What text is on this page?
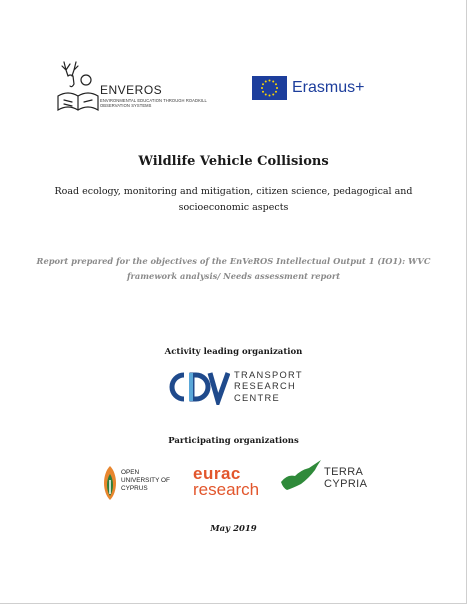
ENVEROS
ENVIRONMENTAL EDUCATION THROUGH ROADKILL OBSERVATION SYSTEMS
Erasmus+
Wildlife Vehicle Collisions
Road ecology, monitoring and mitigation, citizen science, pedagogical and socioeconomic aspects
Report prepared for the objectives of the EnVeROS Intellectual Output 1 (IO1): WVC framework analysis/ Needs assessment report
Activity leading organization
TRANSPORT
RESEARCH
CENTRE
Participating organizations
OPEN
UNIVERSITY OF
CYPRUS
eurac
research
TERRA
CYPRIA
May 2019
